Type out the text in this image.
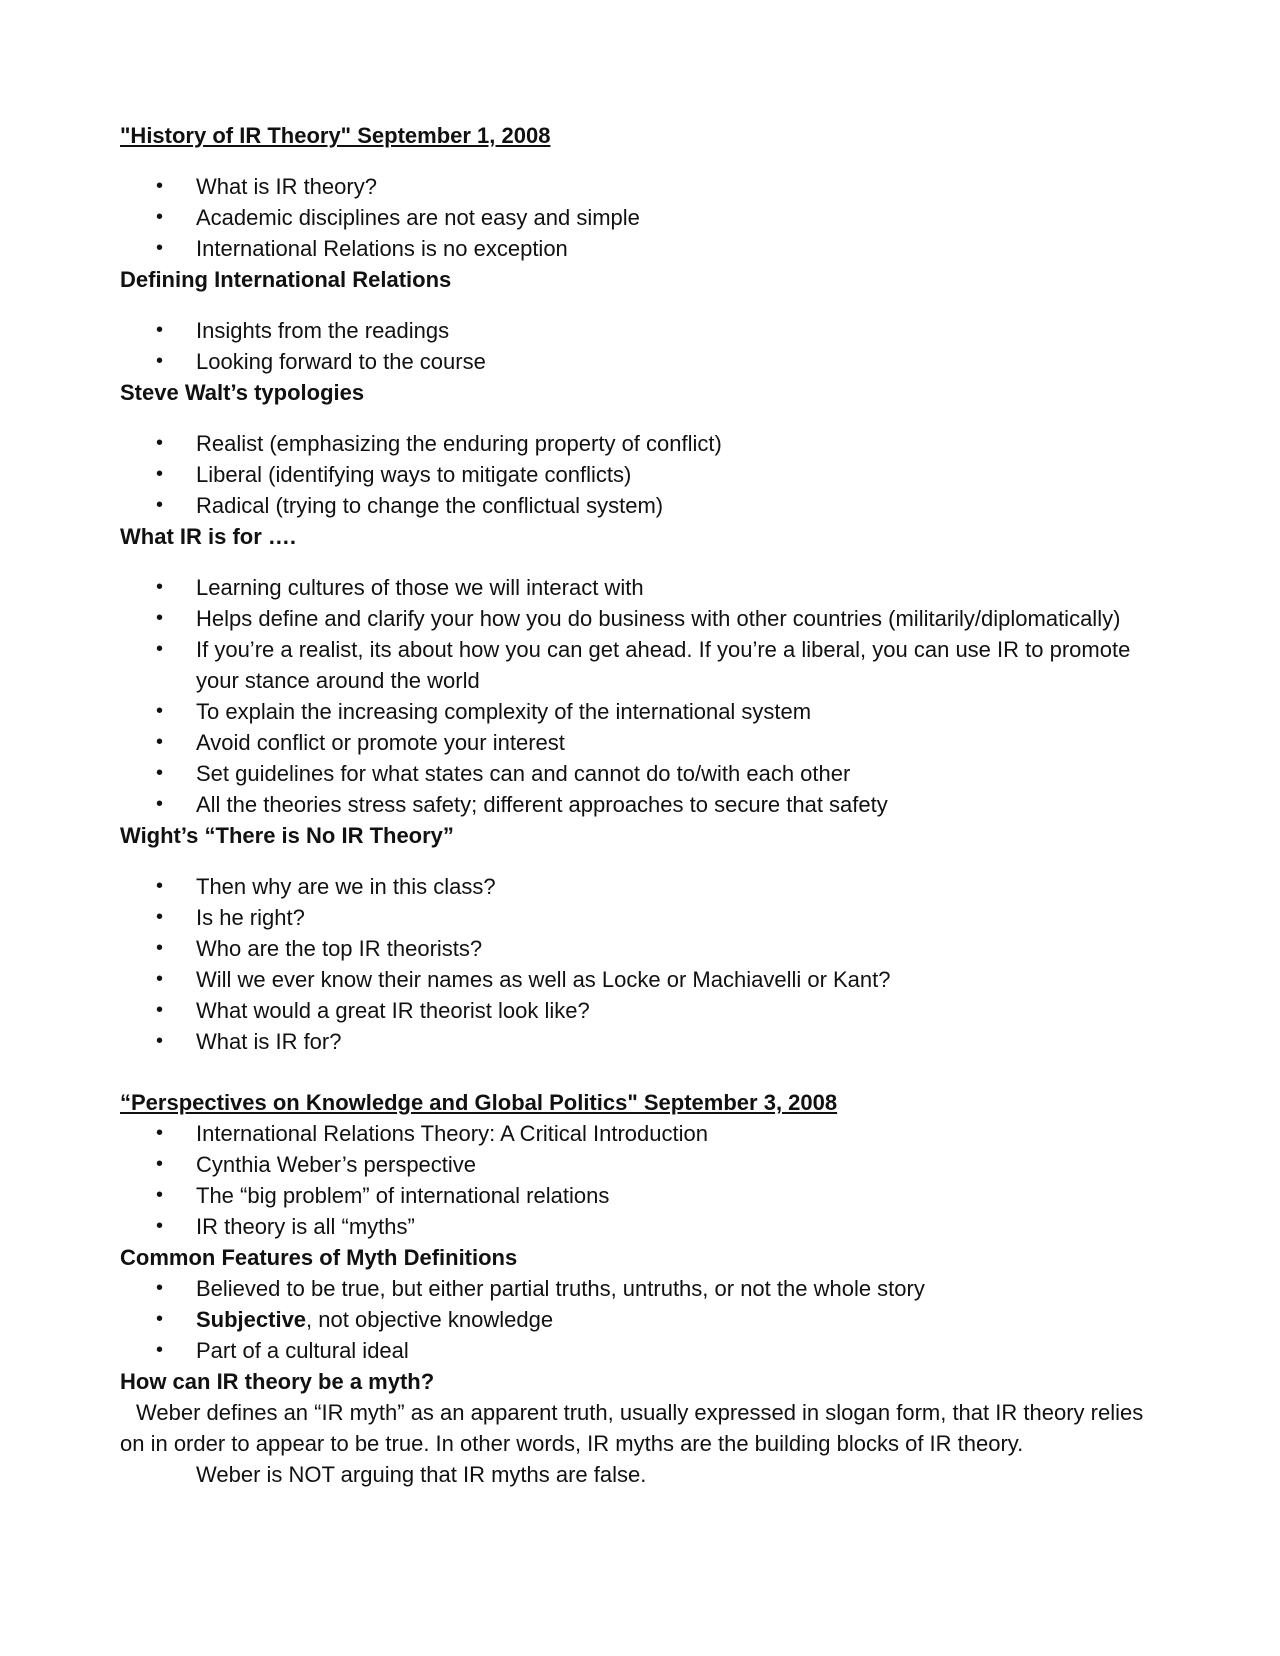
"History of IR Theory" September 1, 2008

• What is IR theory?
• Academic disciplines are not easy and simple
• International Relations is no exception

Defining International Relations

• Insights from the readings
• Looking forward to the course

Steve Walt’s typologies

• Realist (emphasizing the enduring property of conflict)
• Liberal (identifying ways to mitigate conflicts)
• Radical (trying to change the conflictual system)

What IR is for ….

• Learning cultures of those we will interact with
• Helps define and clarify your how you do business with other countries (militarily/diplomatically)
• If you’re a realist, its about how you can get ahead. If you’re a liberal, you can use IR to promote your stance around the world
• To explain the increasing complexity of the international system
• Avoid conflict or promote your interest
• Set guidelines for what states can and cannot do to/with each other
• All the theories stress safety; different approaches to secure that safety

Wight’s “There is No IR Theory”

• Then why are we in this class?
• Is he right?
• Who are the top IR theorists?
• Will we ever know their names as well as Locke or Machiavelli or Kant?
• What would a great IR theorist look like?
• What is IR for?

“Perspectives on Knowledge and Global Politics" September 3, 2008

• International Relations Theory: A Critical Introduction
• Cynthia Weber’s perspective
• The “big problem” of international relations
• IR theory is all “myths”

Common Features of Myth Definitions

• Believed to be true, but either partial truths, untruths, or not the whole story
• Subjective, not objective knowledge
• Part of a cultural ideal

How can IR theory be a myth?

Weber defines an “IR myth” as an apparent truth, usually expressed in slogan form, that IR theory relies on in order to appear to be true. In other words, IR myths are the building blocks of IR theory.

Weber is NOT arguing that IR myths are false.
